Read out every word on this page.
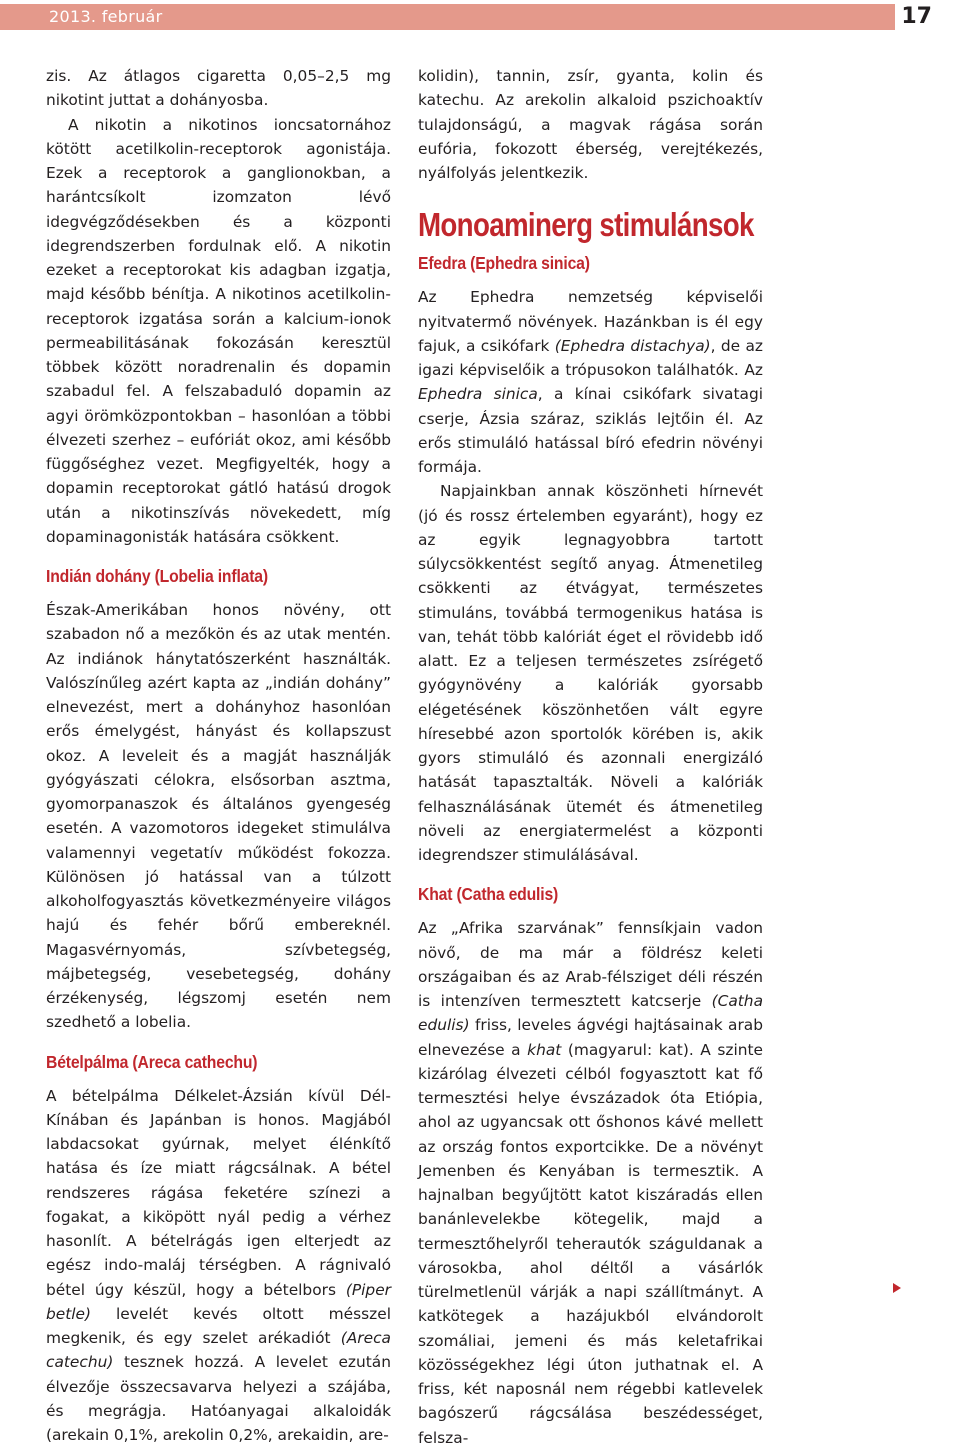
2013. február	17

zis. Az átlagos cigaretta 0,05–2,5 mg nikotint juttat a dohányosba.

A nikotin a nikotinos ioncsatornához kötött acetilkolin-receptorok agonistája. Ezek a receptorok a ganglionokban, a harántcsíkolt izomzaton lévő idegvégződésekben és a központi idegrendszerben fordulnak elő. A nikotin ezeket a receptorokat kis adagban izgatja, majd később bénítja. A nikotinos acetilkolin-receptorok izgatása során a kalcium-ionok permeabilitásának fokozásán keresztül többek között noradrenalin és dopamin szabadul fel. A felszabaduló dopamin az agyi örömközpontokban – hasonlóan a többi élvezeti szerhez – eufóriát okoz, ami később függőséghez vezet. Megfigyelték, hogy a dopamin receptorokat gátló hatású drogok után a nikotinszívás növekedett, míg dopaminagonisták hatására csökkent.

Indián dohány (Lobelia inflata)

Észak-Amerikában honos növény, ott szabadon nő a mezőkön és az utak mentén. Az indiánok hánytatószerként használták. Valószínűleg azért kapta az „indián dohány” elnevezést, mert a dohányhoz hasonlóan erős émelygést, hányást és kollapszust okoz. A leveleit és a magját használják gyógyászati célokra, elsősorban asztma, gyomorpanaszok és általános gyengeség esetén. A vazomotoros idegeket stimulálva valamennyi vegetatív működést fokozza. Különösen jó hatással van a túlzott alkoholfogyasztás következményeire világos hajú és fehér bőrű embereknél. Magasvérnyomás, szívbetegség, májbetegség, vesebetegség, dohány érzékenység, légszomj esetén nem szedhető a lobelia.

Bételpálma (Areca cathechu)

A bételpálma Délkelet-Ázsián kívül Dél-Kínában és Japánban is honos. Magjából labdacsokat gyúrnak, melyet élénkítő hatása és íze miatt rágcsálnak. A bétel rendszeres rágása feketére színezi a fogakat, a kiköpött nyál pedig a vérhez hasonlít. A bételrágás igen elterjedt az egész indo-maláj térségben. A rágnivaló bétel úgy készül, hogy a bételbors (Piper betle) levelét kevés oltott mésszel megkenik, és egy szelet arékadiót (Areca catechu) tesznek hozzá. A levelet ezután élvezője összecsavarva helyezi a szájába, és megrágja. Hatóanyagai alkaloidák (arekain 0,1%, arekolin 0,2%, arekaidin, are-

kolidin), tannin, zsír, gyanta, kolin és katechu. Az arekolin alkaloid pszichoaktív tulajdonságú, a magvak rágása során eufória, fokozott éberség, verejtékezés, nyálfolyás jelentkezik.

Monoaminerg stimulánsok
Efedra (Ephedra sinica)

Az Ephedra nemzetség képviselői nyitvatermő növények. Hazánkban is él egy fajuk, a csikófark (Ephedra distachya), de az igazi képviselőik a trópusokon találhatók. Az Ephedra sinica, a kínai csikófark sivatagi cserje, Ázsia száraz, sziklás lejtőin él. Az erős stimuláló hatással bíró efedrin növényi formája.

Napjainkban annak köszönheti hírnevét (jó és rossz értelemben egyaránt), hogy ez az egyik legnagyobbra tartott súlycsökkentést segítő anyag. Átmenetileg csökkenti az étvágyat, természetes stimuláns, továbbá termogenikus hatása is van, tehát több kalóriát éget el rövidebb idő alatt. Ez a teljesen természetes zsírégető gyógynövény a kalóriák gyorsabb elégetésének köszönhetően vált egyre híresebbé azon sportolók körében is, akik gyors stimuláló és azonnali energizáló hatását tapasztalták. Növeli a kalóriák felhasználásának ütemét és átmenetileg növeli az energiatermelést a központi idegrendszer stimulálásával.

Khat (Catha edulis)

Az „Afrika szarvának” fennsíkjain vadon növő, de ma már a földrész keleti országaiban és az Arab-félsziget déli részén is intenzíven termesztett katcserje (Catha edulis) friss, leveles ágvégi hajtásainak arab elnevezése a khat (magyarul: kat). A szinte kizárólag élvezeti célból fogyasztott kat fő termesztési helye évszázadok óta Etiópia, ahol az ugyancsak ott őshonos kávé mellett az ország fontos exportcikke. De a növényt Jemenben és Kenyában is termesztik. A hajnalban begyűjtött katot kiszáradás ellen banánlevelekbe kötegelik, majd a termesztőhelyről teherautók száguldanak a városokba, ahol déltől a vásárlók türelmetlenül várják a napi szállítmányt. A katkötegek a hazájukból elvándorolt szomáliai, jemeni és más keletafrikai közösségekhez légi úton juthatnak el. A friss, két naposnál nem régebbi katlevelek bagószerű rágcsálása beszédességet, felsza-
